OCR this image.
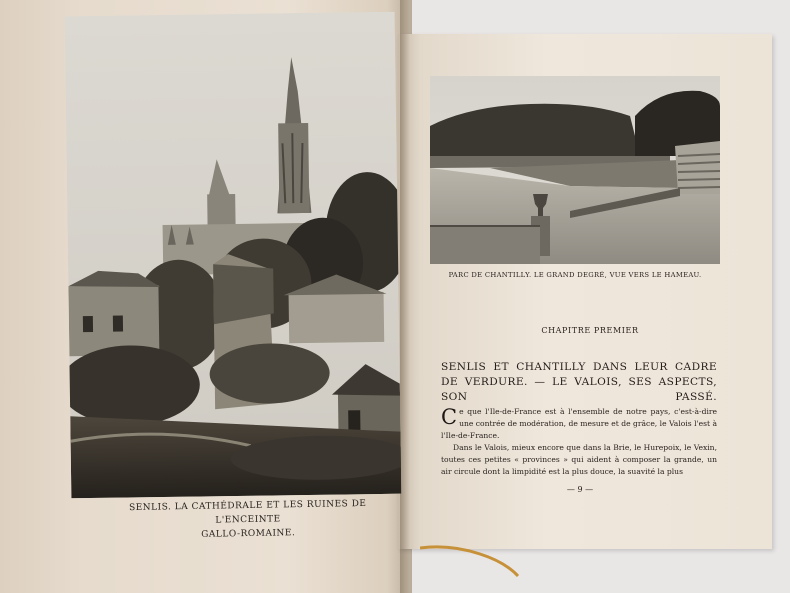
SENLIS. LA CATHÉDRALE ET LES RUINES DE L'ENCEINTE
GALLO-ROMAINE.

PARC DE CHANTILLY. LE GRAND DEGRÉ, VUE VERS LE HAMEAU.

CHAPITRE PREMIER
SENLIS ET CHANTILLY DANS LEUR CADRE DE VERDURE. — LE VALOIS, SES ASPECTS, SON PASSÉ.

Ce que l'Ile-de-France est à l'ensemble de notre pays, c'est-à-dire une contrée de modération, de mesure et de grâce, le Valois l'est à l'Ile-de-France.

Dans le Valois, mieux encore que dans la Brie, le Hurepoix, le Vexin, toutes ces petites « provinces » qui aident à composer la grande, un air circule dont la limpidité est la plus douce, la suavité la plus

— 9 —
